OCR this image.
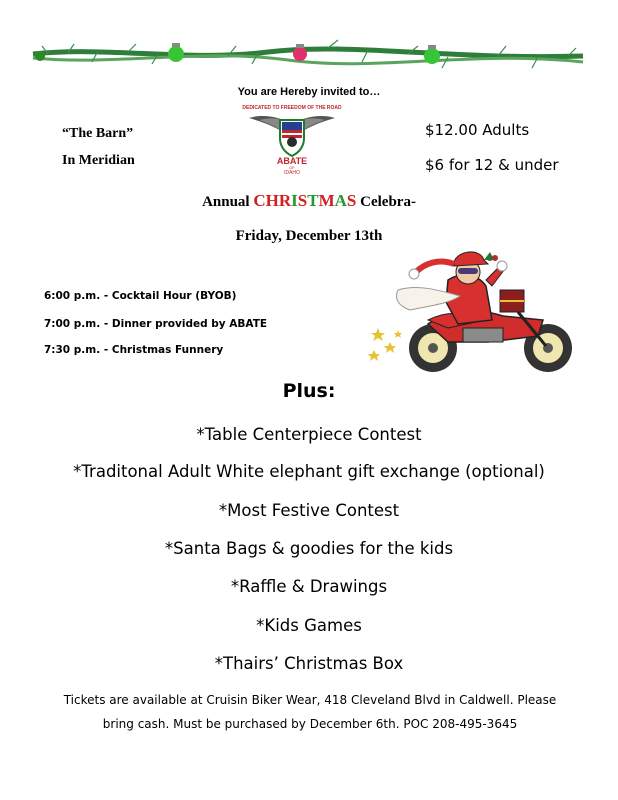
You are Hereby invited to…
“The Barn”
In Meridian
DEDICATED TO FREEDOM OF THE ROAD
ABATE
OF
IDAHO
$12.00 Adults
$6 for 12 & under
Annual CHRISTMAS Celebra-
Friday, December 13th
6:00 p.m. - Cocktail Hour (BYOB)
7:00 p.m. - Dinner provided by ABATE
7:30 p.m. - Christmas Funnery
Plus:
*Table Centerpiece Contest
*Traditonal Adult White elephant gift exchange (optional)
*Most Festive Contest
*Santa Bags & goodies for the kids
*Raffle & Drawings
*Kids Games
*Thairs’ Christmas Box
Tickets are available at Cruisin Biker Wear, 418 Cleveland Blvd in Caldwell. Please
bring cash. Must be purchased by December 6th. POC 208-495-3645
